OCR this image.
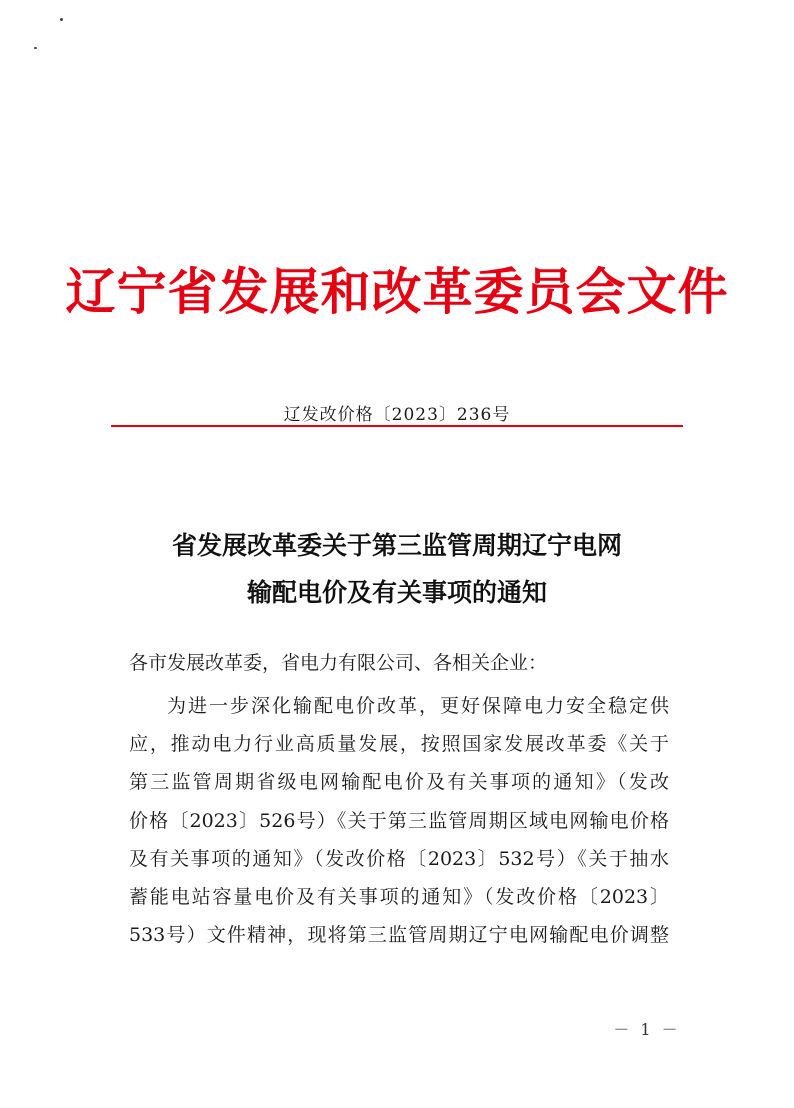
辽宁省发展和改革委员会文件
辽发改价格〔2023〕236号
省发展改革委关于第三监管周期辽宁电网
输配电价及有关事项的通知
各市发展改革委，省电力有限公司、各相关企业：
为进一步深化输配电价改革，更好保障电力安全稳定供
应，推动电力行业高质量发展，按照国家发展改革委《关于
第三监管周期省级电网输配电价及有关事项的通知》（发改
价格〔2023〕526号）《关于第三监管周期区域电网输电价格
及有关事项的通知》（发改价格〔2023〕532号）《关于抽水
蓄能电站容量电价及有关事项的通知》（发改价格〔2023〕
533号）文件精神，现将第三监管周期辽宁电网输配电价调整
－ 1 －
